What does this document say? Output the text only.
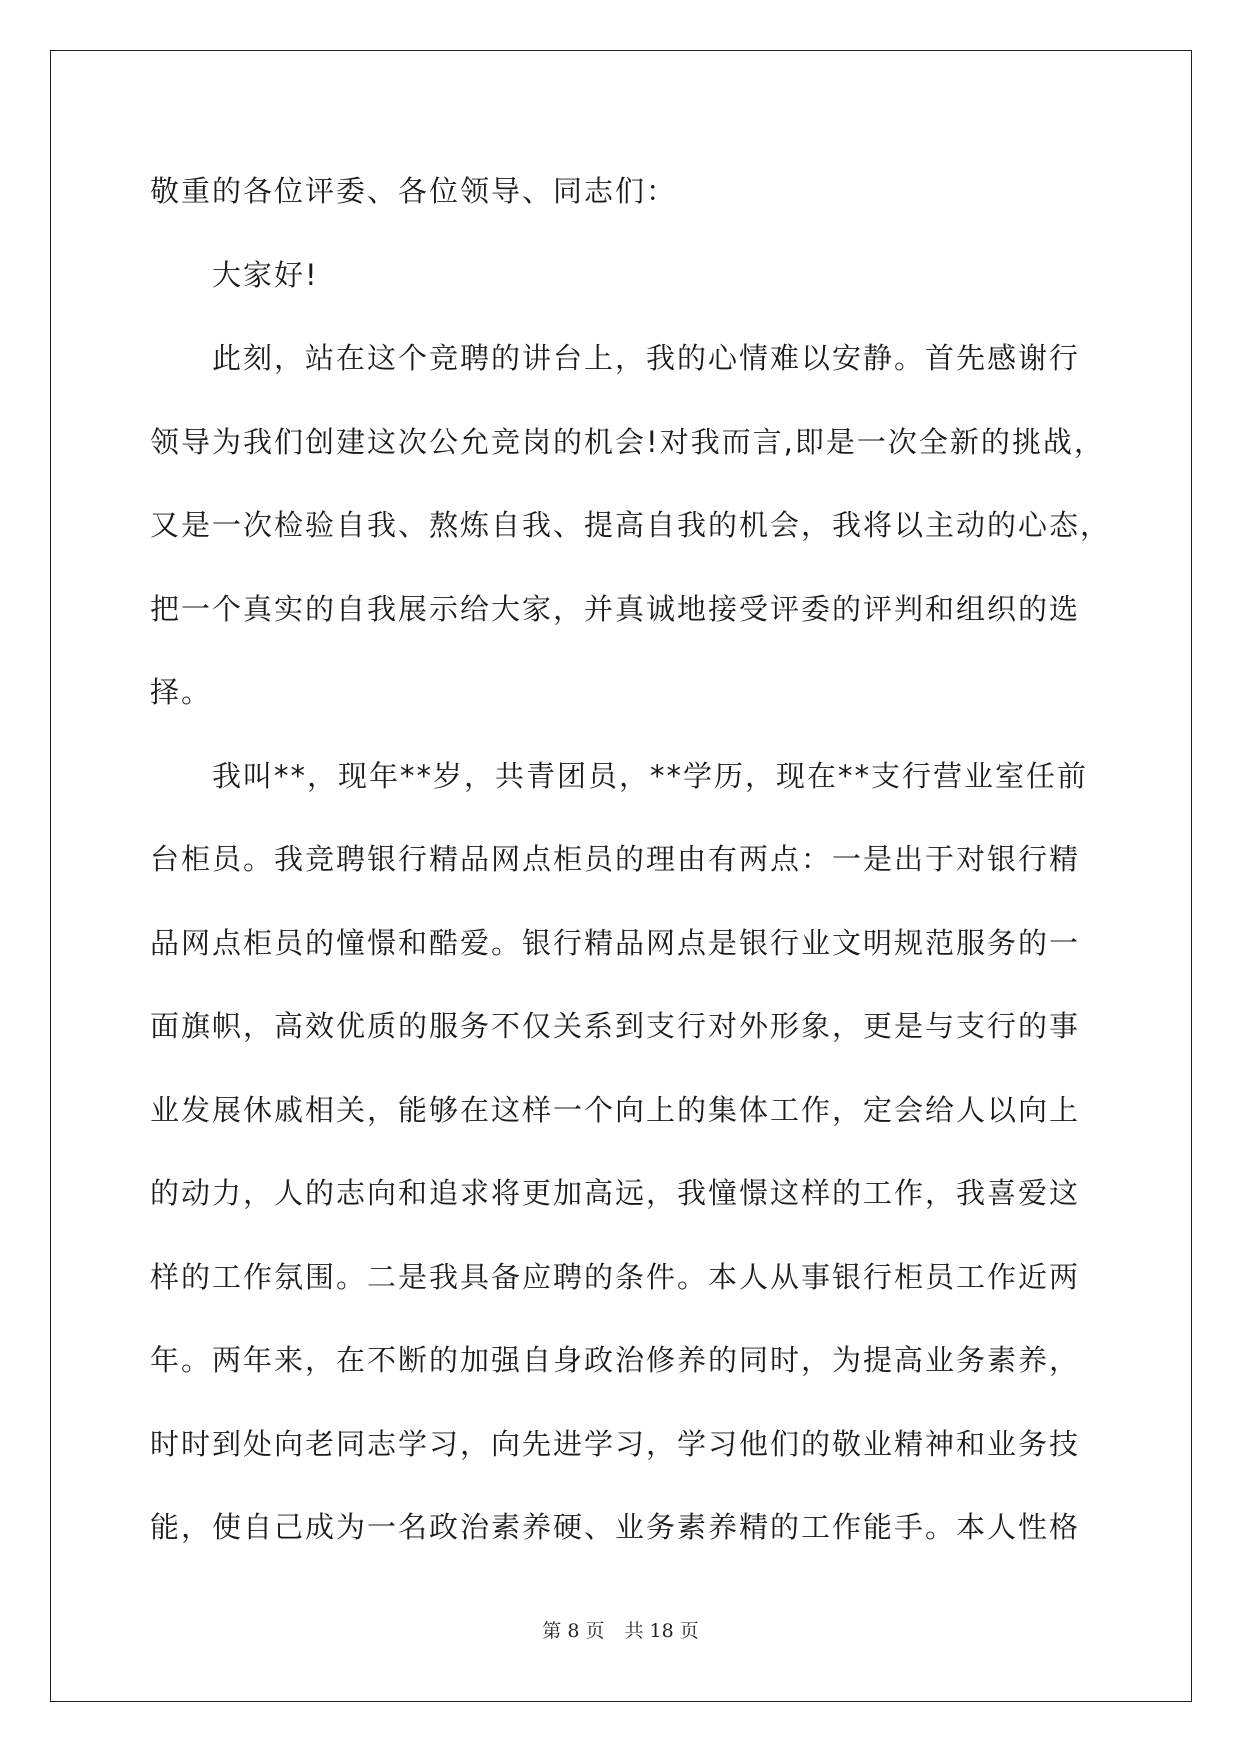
敬重的各位评委、各位领导、同志们：
大家好!
此刻，站在这个竞聘的讲台上，我的心情难以安静。首先感谢行
领导为我们创建这次公允竞岗的机会!对我而言,即是一次全新的挑战，
又是一次检验自我、熬炼自我、提高自我的机会，我将以主动的心态，
把一个真实的自我展示给大家，并真诚地接受评委的评判和组织的选
择。
我叫**，现年**岁，共青团员，**学历，现在**支行营业室任前
台柜员。我竞聘银行精品网点柜员的理由有两点：一是出于对银行精
品网点柜员的憧憬和酷爱。银行精品网点是银行业文明规范服务的一
面旗帜，高效优质的服务不仅关系到支行对外形象，更是与支行的事
业发展休戚相关，能够在这样一个向上的集体工作，定会给人以向上
的动力，人的志向和追求将更加高远，我憧憬这样的工作，我喜爱这
样的工作氛围。二是我具备应聘的条件。本人从事银行柜员工作近两
年。两年来，在不断的加强自身政治修养的同时，为提高业务素养，
时时到处向老同志学习，向先进学习，学习他们的敬业精神和业务技
能，使自己成为一名政治素养硬、业务素养精的工作能手。本人性格
第 8 页 共 18 页
